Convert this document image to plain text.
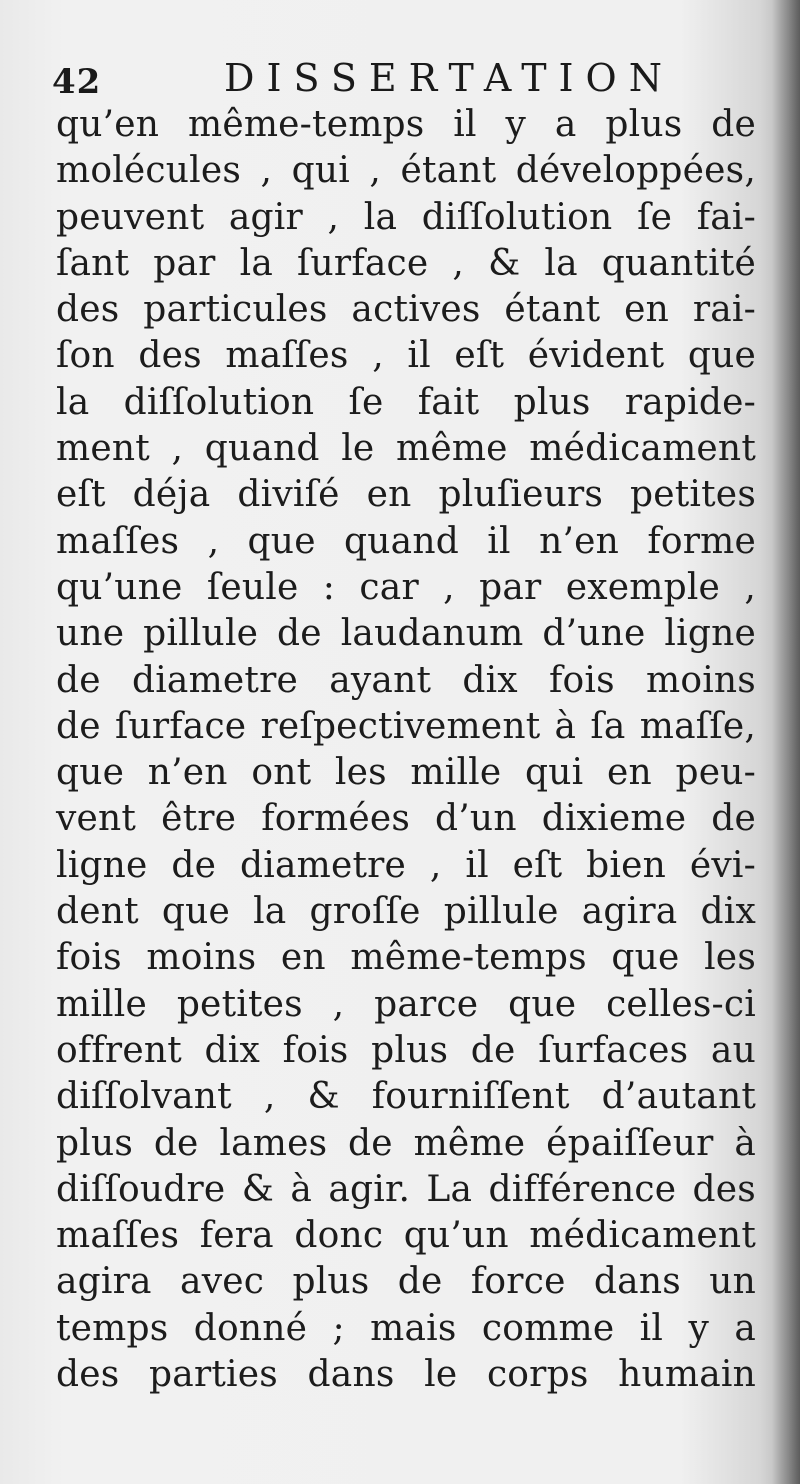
42	DISSERTATION
qu’en même-temps il y a plus de
molécules , qui , étant développées,
peuvent agir , la diſſolution ſe fai-
ſant par la ſurface , & la quantité
des particules actives étant en rai-
ſon des maſſes , il eſt évident que
la diſſolution ſe fait plus rapide-
ment , quand le même médicament
eſt déja diviſé en pluſieurs petites
maſſes , que quand il n’en forme
qu’une ſeule : car , par exemple ,
une pillule de laudanum d’une ligne
de diametre ayant dix fois moins
de ſurface reſpectivement à ſa maſſe,
que n’en ont les mille qui en peu-
vent être formées d’un dixieme de
ligne de diametre , il eſt bien évi-
dent que la groſſe pillule agira dix
fois moins en même-temps que les
mille petites , parce que celles-ci
offrent dix fois plus de ſurfaces au
diſſolvant , & fourniſſent d’autant
plus de lames de même épaiſſeur à
diſſoudre & à agir. La différence des
maſſes fera donc qu’un médicament
agira avec plus de force dans un
temps donné ; mais comme il y a
des parties dans le corps humain
